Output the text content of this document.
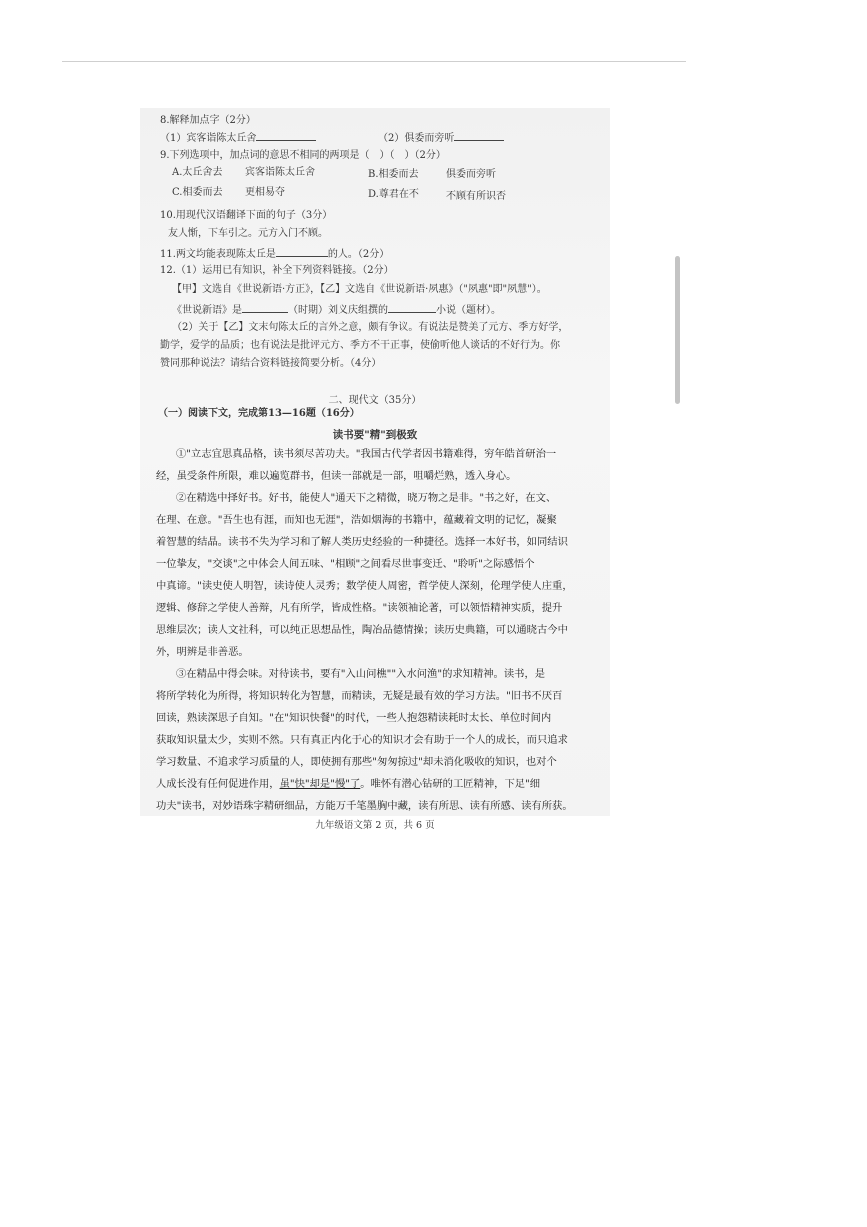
8.解释加点字（2分）
（1）宾客诣陈太丘舍	（2）俱委而旁听
9.下列选项中，加点词的意思不相同的两项是（　）（　）（2分）
A.太丘舍去 宾客诣陈太丘舍	B.相委而去	俱委而旁听
C.相委而去 更相易夺	D.尊君在不	不顾有所识否
10.用现代汉语翻译下面的句子（3分）
友人惭，下车引之。元方入门不顾。
11.两文均能表现陈太丘是	的人。（2分）
12.（1）运用已有知识，补全下列资料链接。（2分）
【甲】文选自《世说新语·方正》，【乙】文选自《世说新语·夙惠》（"夙惠"即"夙慧"）。
《世说新语》是	（时期）刘义庆组撰的	小说（题材）。
（2）关于【乙】文末句陈太丘的言外之意，颇有争议。有说法是赞美了元方、季方好学，
勤学，爱学的品质；也有说法是批评元方、季方不干正事，使偷听他人谈话的不好行为。你
赞同那种说法？请结合资料链接简要分析。（4分）
二、现代文（35分）
（一）阅读下文，完成第13—16题（16分）
读书要"精"到极致
①"立志宜思真品格，读书须尽苦功夫。"我国古代学者因书籍难得，穷年皓首研治一
经，虽受条件所限，难以遍览群书，但读一部就是一部，咀嚼烂熟，透入身心。
②在精选中择好书。好书，能使人"通天下之精微，晓万物之是非。"书之好，在文、
在理、在意。"吾生也有涯，而知也无涯"，浩如烟海的书籍中，蕴藏着文明的记忆，凝聚
着智慧的结晶。读书不失为学习和了解人类历史经验的一种捷径。选择一本好书，如同结识
一位挚友，"交谈"之中体会人间五味、"相顾"之间看尽世事变迁、"聆听"之际感悟个
中真谛。"读史使人明智，读诗使人灵秀；数学使人周密，哲学使人深刻，伦理学使人庄重，
逻辑、修辞之学使人善辩，凡有所学，皆成性格。"读领袖论著，可以领悟精神实质，提升
思维层次；读人文社科，可以纯正思想品性，陶冶品德情操；读历史典籍，可以通晓古今中
外，明辨是非善恶。
③在精品中得会味。对待读书，要有"入山问樵""入水问渔"的求知精神。读书，是
将所学转化为所得，将知识转化为智慧，而精读，无疑是最有效的学习方法。"旧书不厌百
回读，熟读深思子自知。"在"知识快餐"的时代，一些人抱怨精读耗时太长、单位时间内
获取知识量太少，实则不然。只有真正内化于心的知识才会有助于一个人的成长，而只追求
学习数量、不追求学习质量的人，即使拥有那些"匆匆掠过"却未消化吸收的知识，也对个
人成长没有任何促进作用，虽"快"却是"慢"了。唯怀有潜心钻研的工匠精神，下足"细
功夫"读书，对妙语珠字精研细品，方能万千笔墨胸中藏，读有所思、读有所感、读有所获。
九年级语文第 2 页，共 6 页
